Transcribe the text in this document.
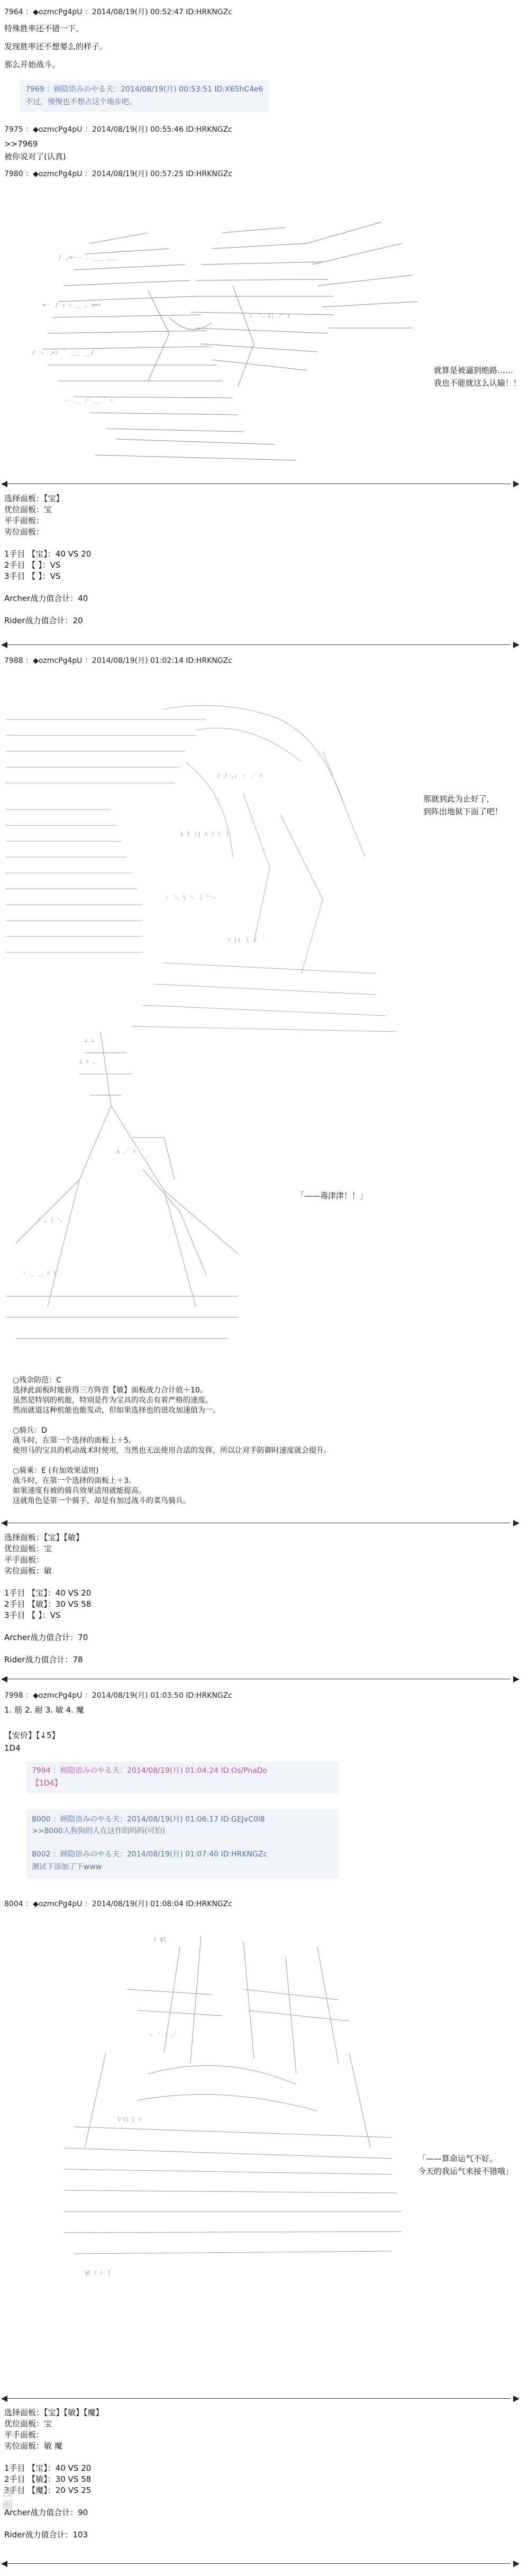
7964 ：◆ozmcPg4pU ：2014/08/19(月) 00:52:47 ID:HRKNGZc
特殊胜率还不错一下。
发现胜率还不想要么的样子。
那么开始战斗。
7969 ：顾隐语みのやる夫：2014/08/19(月) 00:53:51 ID:X65hC4e6
不过，慢慢也不想占这个地步吧。
7975 ：◆ozmcPg4pU ：2014/08/19(月) 00:55:46 ID:HRKNGZc
>>7969
被你说对了(认真)
7980 ：◆ozmcPg4pU ：2014/08/19(月) 00:57:25 ID:HRKNGZc
/ ,=ｰ - . ___ ＿＿
=－ / ｨ ｧ ＿ , ==ｧ
/ ヽ ,=ｧ ｀ ＿_ __/
‐- ､_ ／ ＿ ｀ヽ
ﾄ､ ＼ i| ／ /
就算是被逼到绝路……
我也不能就这么认输！！
选择面板：【宝】
优位面板：宝
平手面板：
劣位面板：

1手目 【宝】：40 VS 20
2手目 【 】：VS
3手目 【 】：VS

Archer战力值合计：40

Rider战力值合计：20
7988 ：◆ozmcPg4pU ：2014/08/19(月) 01:02:14 ID:HRKNGZc
/ / ,ｨ 丶 ／ ﾊ
i l :| ﾊ ﾉ ! ｌ
ヽ ＼ \ ＼ ﾐ ''ｰ
ﾊ || ｉ / ｀
那就到此为止好了，
到阵出地狱下面了吧！
ﾑ ﾑ
ﾑ ﾍ ,
∧ ／ ﾊ ｀
ﾉ , ﾉ ＼
ヽ _ ＿ ﾊ l
「——毒津津！！」
○残余防范：C
选择此面板时能获得三方阵营【敏】面板战力合计值＋10。
虽然是特别的机能，特别是作为宝具的攻击有着严格的速度。
然而就道这种机能也能发动，但如果选择也的进攻加速值为一。

○骑兵：D
战斗时，在第一个选择的面板上＋5。
使用马的宝具的机动战术时使用，当然也无法使用合适的发挥，所以让对手防御时速度就会提升。

○骑乘：E (有加效果适用)
战斗时，在第一个选择的面板上＋3。
如果速度有被的骑兵效果适用就能提高。
这就角色是第一个骑手，却是有加过战斗的菜鸟骑兵。
选择面板：【宝】【敏】
优位面板：宝
平手面板：
劣位面板：敏

1手目 【宝】：40 VS 20
2手目 【敏】：30 VS 58
3手目 【 】：VS

Archer战力值合计：70

Rider战力值合计：78
7998 ：◆ozmcPg4pU ：2014/08/19(月) 01:03:50 ID:HRKNGZc
1. 筋 2. 耐 3. 敏 4. 魔
【安价】【↓5】
1D4
7994 ：顾隐语みのやる夫：2014/08/19(月) 01:04:24 ID:Os/PnaDo
【1D4】
8000 ：顾隐语みのやる夫：2014/08/19(月) 01:06:17 ID:GEJvC0l8
>>8000人狗狗的人在这作的吗吗(可怕)
8002 ：顾隐语みのやる夫：2014/08/19(月) 01:07:40 ID:HRKNGZc
测试下添加了下www
8004 ：◆ozmcPg4pU ：2014/08/19(月) 01:08:04 ID:HRKNGZc
ﾁ Vl
ヽ ' ﾉ ／
ＶⅥ l ﾊ
Ⅵ ﾉ ﾊ ｌ
「——算命运气不好。
今天的我运气来接不错哦」
选择面板：【宝】【敏】【魔】
优位面板：宝
平手面板：
劣位面板：敏 魔

1手目 【宝】：40 VS 20
2手目 【敏】：30 VS 58
3手目 【魔】：20 VS 25

Archer战力值合计：90

Rider战力值合计：103
漫画
